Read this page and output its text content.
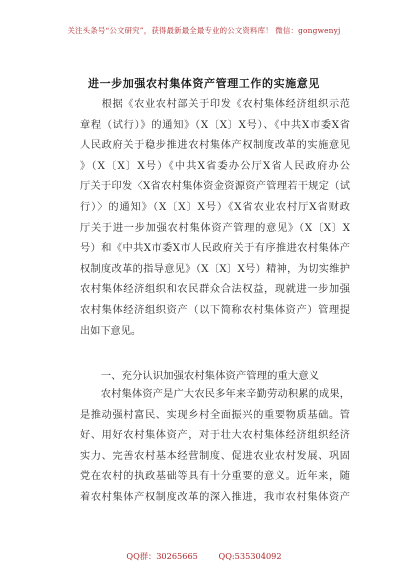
关注头条号“公文研究”，获得最新最全最专业的公文资料库！ 微信：gongwenyj
进一步加强农村集体资产管理工作的实施意见
　　根据《农业农村部关于印发《农村集体经济组织示范
章程（试行）》的通知》（X〔X〕X号）、《中共X市委X省
人民政府关于稳步推进农村集体产权制度改革的实施意见
》（X〔X〕X号）《中共X省委办公厅X省人民政府办公
厅关于印发〈X省农村集体资金资源资产管理若干规定（试
行）〉的通知》（X〔X〕X号）《X省农业农村厅X省财政
厅关于进一步加强农村集体资产管理的意见》（X〔X〕X
号）和《中共X市委X市人民政府关于有序推进农村集体产
权制度改革的指导意见》（X〔X〕X号）精神，为切实维护
农村集体经济组织和农民群众合法权益，现就进一步加强
农村集体经济组织资产（以下简称农村集体资产）管理提
出如下意见。
　　一、充分认识加强农村集体资产管理的重大意义
　　农村集体资产是广大农民多年来辛勤劳动积累的成果，
是推动强村富民、实现乡村全面振兴的重要物质基础。管
好、用好农村集体资产，对于壮大农村集体经济组织经济
实力、完善农村基本经营制度、促进农业农村发展、巩固
党在农村的执政基础等具有十分重要的意义。近年来，随
着农村集体产权制度改革的深入推进，我市农村集体资产
QQ群：30265665	QQ:535304092
